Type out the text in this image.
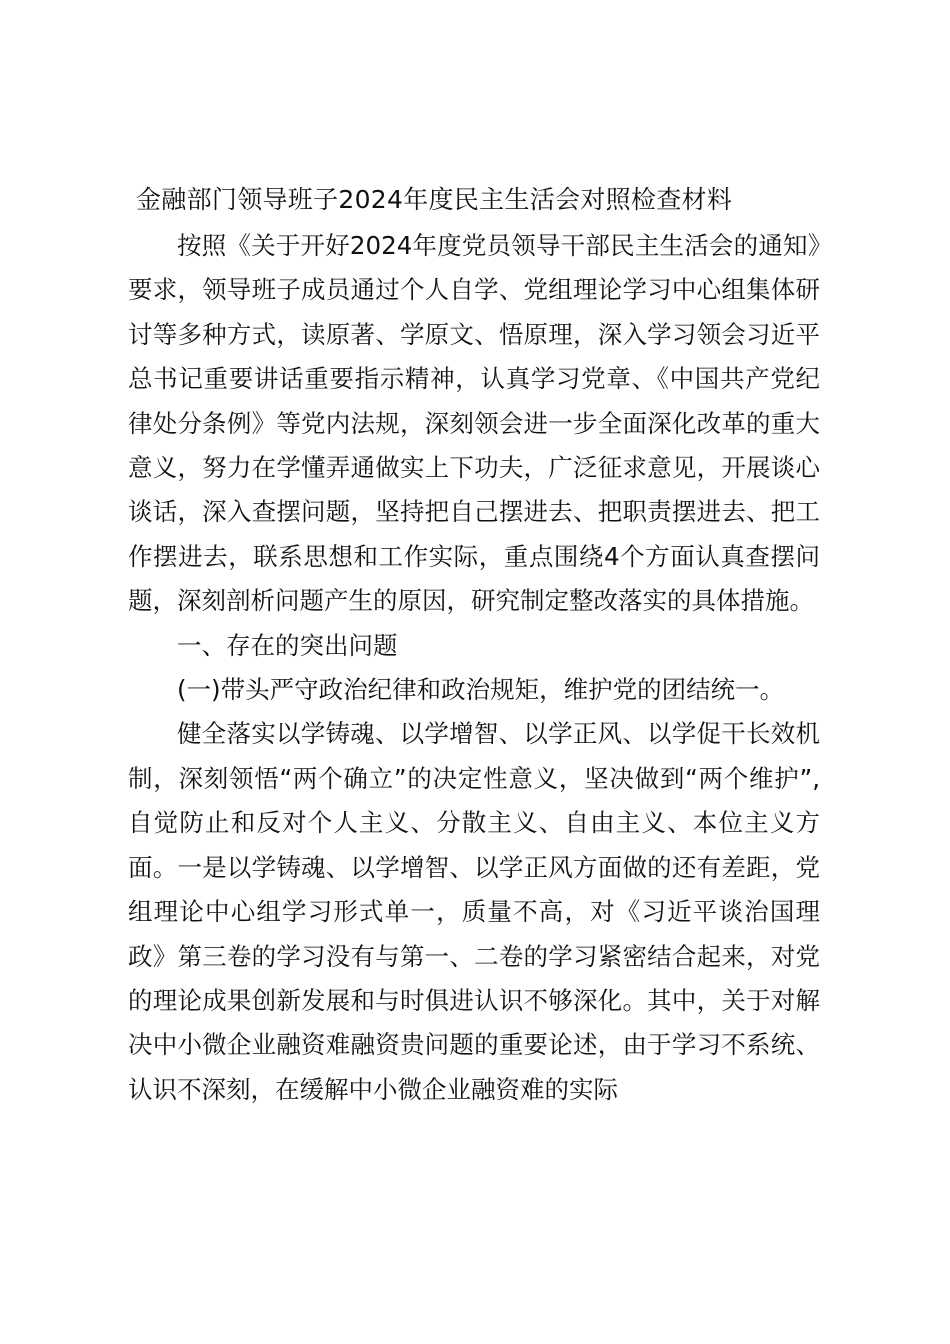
金融部门领导班子2024年度民主生活会对照检查材料

按照《关于开好2024年度党员领导干部民主生活会的通知》要求，领导班子成员通过个人自学、党组理论学习中心组集体研讨等多种方式，读原著、学原文、悟原理，深入学习领会习近平总书记重要讲话重要指示精神，认真学习党章、《中国共产党纪律处分条例》等党内法规，深刻领会进一步全面深化改革的重大意义，努力在学懂弄通做实上下功夫，广泛征求意见，开展谈心谈话，深入查摆问题，坚持把自己摆进去、把职责摆进去、把工作摆进去，联系思想和工作实际，重点围绕4个方面认真查摆问题，深刻剖析问题产生的原因，研究制定整改落实的具体措施。

一、存在的突出问题

(一)带头严守政治纪律和政治规矩，维护党的团结统一。

健全落实以学铸魂、以学增智、以学正风、以学促干长效机制，深刻领悟“两个确立”的决定性意义，坚决做到“两个维护”,自觉防止和反对个人主义、分散主义、自由主义、本位主义方面。一是以学铸魂、以学增智、以学正风方面做的还有差距，党组理论中心组学习形式单一，质量不高，对《习近平谈治国理政》第三卷的学习没有与第一、二卷的学习紧密结合起来，对党的理论成果创新发展和与时俱进认识不够深化。其中，关于对解决中小微企业融资难融资贵问题的重要论述，由于学习不系统、认识不深刻，在缓解中小微企业融资难的实际
